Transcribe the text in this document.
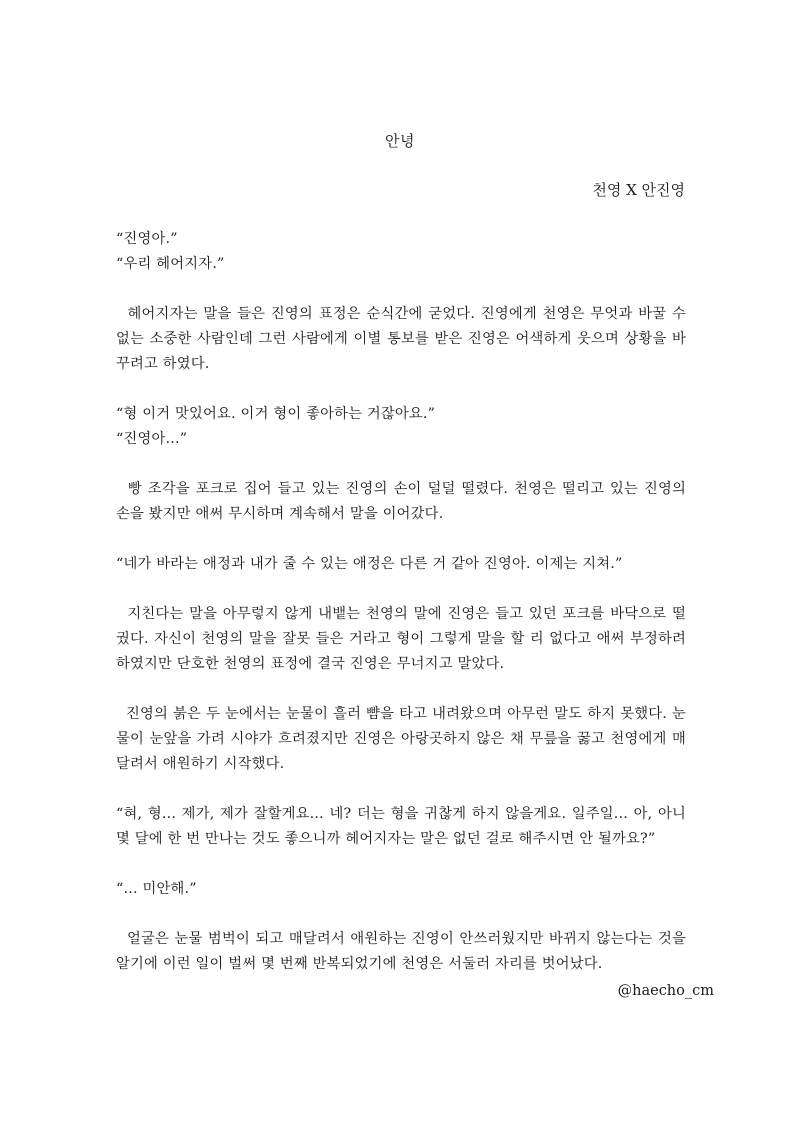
안녕
천영 X 안진영

“진영아.”

“우리 헤어지자.”

헤어지자는 말을 들은 진영의 표정은 순식간에 굳었다. 진영에게 천영은 무엇과 바꿀 수 없는 소중한 사람인데 그런 사람에게 이별 통보를 받은 진영은 어색하게 웃으며 상황을 바꾸려고 하였다.

“형 이거 맛있어요. 이거 형이 좋아하는 거잖아요.”

“진영아...”

빵 조각을 포크로 집어 들고 있는 진영의 손이 덜덜 떨렸다. 천영은 떨리고 있는 진영의 손을 봤지만 애써 무시하며 계속해서 말을 이어갔다.

“네가 바라는 애정과 내가 줄 수 있는 애정은 다른 거 같아 진영아. 이제는 지쳐.”

지친다는 말을 아무렇지 않게 내뱉는 천영의 말에 진영은 들고 있던 포크를 바닥으로 떨궜다. 자신이 천영의 말을 잘못 들은 거라고 형이 그렇게 말을 할 리 없다고 애써 부정하려 하였지만 단호한 천영의 표정에 결국 진영은 무너지고 말았다.

진영의 붉은 두 눈에서는 눈물이 흘러 뺨을 타고 내려왔으며 아무런 말도 하지 못했다. 눈물이 눈앞을 가려 시야가 흐려졌지만 진영은 아랑곳하지 않은 채 무릎을 꿇고 천영에게 매달려서 애원하기 시작했다.

“혀, 형... 제가, 제가 잘할게요... 네? 더는 형을 귀찮게 하지 않을게요. 일주일... 아, 아니 몇 달에 한 번 만나는 것도 좋으니까 헤어지자는 말은 없던 걸로 해주시면 안 될까요?”

“... 미안해.”

얼굴은 눈물 범벅이 되고 매달려서 애원하는 진영이 안쓰러웠지만 바뀌지 않는다는 것을 알기에 이런 일이 벌써 몇 번째 반복되었기에 천영은 서둘러 자리를 벗어났다.

@haecho_cm
